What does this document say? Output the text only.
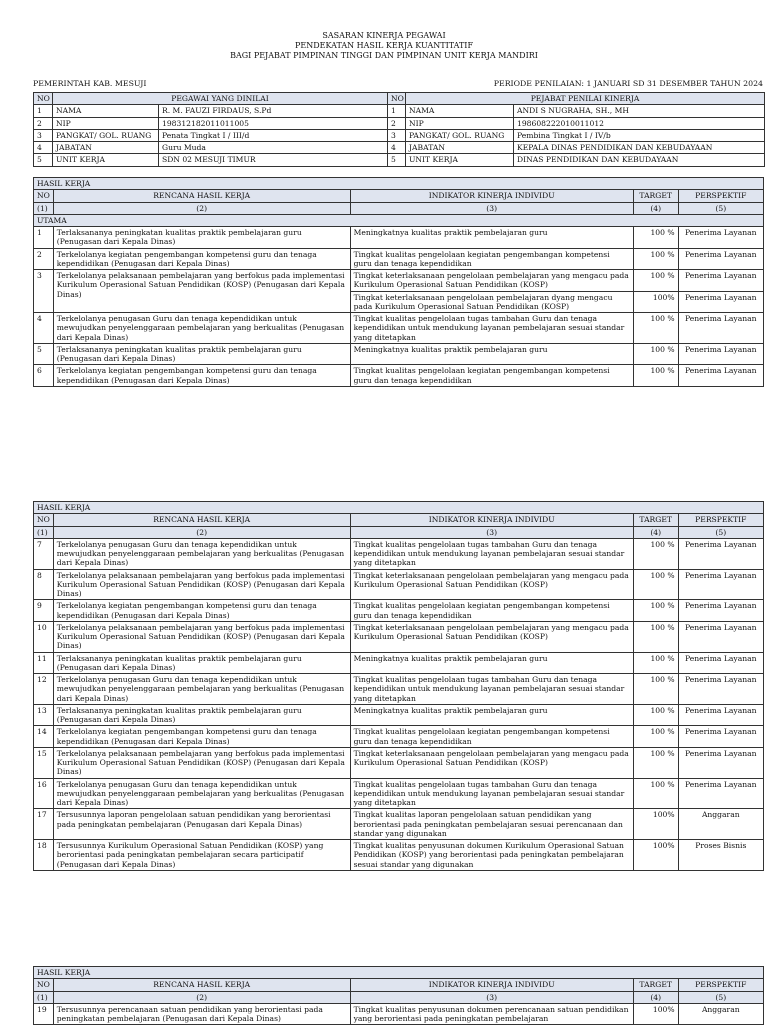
SASARAN KINERJA PEGAWAI
PENDEKATAN HASIL KERJA KUANTITATIF
BAGI PEJABAT PIMPINAN TINGGI DAN PIMPINAN UNIT KERJA MANDIRI
PEMERINTAH KAB. MESUJI	PERIODE PENILAIAN: 1 JANUARI SD 31 DESEMBER TAHUN 2024
NO	PEGAWAI YANG DINILAI		NO	PEJABAT PENILAI KINERJA	
1	NAMA	R. M. FAUZI FIRDAUS, S.Pd	1	NAMA	ANDI S NUGRAHA, SH., MH
2	NIP	198312182011011005	2	NIP	198608222010011012
3	PANGKAT/ GOL. RUANG	Penata Tingkat I / III/d	3	PANGKAT/ GOL. RUANG	Pembina Tingkat I / IV/b
4	JABATAN	Guru Muda	4	JABATAN	KEPALA DINAS PENDIDIKAN DAN KEBUDAYAAN
5	UNIT KERJA	SDN 02 MESUJI TIMUR	5	UNIT KERJA	DINAS PENDIDIKAN DAN KEBUDAYAAN
HASIL KERJA				
NO	RENCANA HASIL KERJA	INDIKATOR KINERJA INDIVIDU	TARGET	PERSPEKTIF
(1)	(2)	(3)	(4)	(5)
UTAMA				
1	Terlaksananya peningkatan kualitas praktik pembelajaran guru (Penugasan dari Kepala Dinas)	Meningkatnya kualitas praktik pembelajaran guru	100 %	Penerima Layanan
2	Terkelolanya kegiatan pengembangan kompetensi guru dan tenaga kependidikan (Penugasan dari Kepala Dinas)	Tingkat kualitas pengelolaan kegiatan pengembangan kompetensi guru dan tenaga kependidikan	100 %	Penerima Layanan
3	Terkelolanya pelaksanaan pembelajaran yang berfokus pada implementasi Kurikulum Operasional Satuan Pendidikan (KOSP) (Penugasan dari Kepala Dinas)	Tingkat keterlaksanaan pengelolaan pembelajaran yang mengacu pada Kurikulum Operasional Satuan Pendidikan (KOSP)	100 %	Penerima Layanan
		Tingkat keterlaksanaan pengelolaan pembelajaran dyang mengacu pada Kurikulum Operasional Satuan Pendidikan (KOSP)	100%	Penerima Layanan
4	Terkelolanya penugasan Guru dan tenaga kependidikan untuk mewujudkan penyelenggaraan pembelajaran yang berkualitas (Penugasan dari Kepala Dinas)	Tingkat kualitas pengelolaan tugas tambahan Guru dan tenaga kependidikan untuk mendukung layanan pembelajaran sesuai standar yang ditetapkan	100 %	Penerima Layanan
5	Terlaksananya peningkatan kualitas praktik pembelajaran guru (Penugasan dari Kepala Dinas)	Meningkatnya kualitas praktik pembelajaran guru	100 %	Penerima Layanan
6	Terkelolanya kegiatan pengembangan kompetensi guru dan tenaga kependidikan (Penugasan dari Kepala Dinas)	Tingkat kualitas pengelolaan kegiatan pengembangan kompetensi guru dan tenaga kependidikan	100 %	Penerima Layanan
HASIL KERJA				
NO	RENCANA HASIL KERJA	INDIKATOR KINERJA INDIVIDU	TARGET	PERSPEKTIF
(1)	(2)	(3)	(4)	(5)
7	Terkelolanya penugasan Guru dan tenaga kependidikan untuk mewujudkan penyelenggaraan pembelajaran yang berkualitas (Penugasan dari Kepala Dinas)	Tingkat kualitas pengelolaan tugas tambahan Guru dan tenaga kependidikan untuk mendukung layanan pembelajaran sesuai standar yang ditetapkan	100 %	Penerima Layanan
8	Terkelolanya pelaksanaan pembelajaran yang berfokus pada implementasi Kurikulum Operasional Satuan Pendidikan (KOSP) (Penugasan dari Kepala Dinas)	Tingkat keterlaksanaan pengelolaan pembelajaran yang mengacu pada Kurikulum Operasional Satuan Pendidikan (KOSP)	100 %	Penerima Layanan
9	Terkelolanya kegiatan pengembangan kompetensi guru dan tenaga kependidikan (Penugasan dari Kepala Dinas)	Tingkat kualitas pengelolaan kegiatan pengembangan kompetensi guru dan tenaga kependidikan	100 %	Penerima Layanan
10	Terkelolanya pelaksanaan pembelajaran yang berfokus pada implementasi Kurikulum Operasional Satuan Pendidikan (KOSP) (Penugasan dari Kepala Dinas)	Tingkat keterlaksanaan pengelolaan pembelajaran yang mengacu pada Kurikulum Operasional Satuan Pendidikan (KOSP)	100 %	Penerima Layanan
11	Terlaksananya peningkatan kualitas praktik pembelajaran guru (Penugasan dari Kepala Dinas)	Meningkatnya kualitas praktik pembelajaran guru	100 %	Penerima Layanan
12	Terkelolanya penugasan Guru dan tenaga kependidikan untuk mewujudkan penyelenggaraan pembelajaran yang berkualitas (Penugasan dari Kepala Dinas)	Tingkat kualitas pengelolaan tugas tambahan Guru dan tenaga kependidikan untuk mendukung layanan pembelajaran sesuai standar yang ditetapkan	100 %	Penerima Layanan
13	Terlaksananya peningkatan kualitas praktik pembelajaran guru (Penugasan dari Kepala Dinas)	Meningkatnya kualitas praktik pembelajaran guru	100 %	Penerima Layanan
14	Terkelolanya kegiatan pengembangan kompetensi guru dan tenaga kependidikan (Penugasan dari Kepala Dinas)	Tingkat kualitas pengelolaan kegiatan pengembangan kompetensi guru dan tenaga kependidikan	100 %	Penerima Layanan
15	Terkelolanya pelaksanaan pembelajaran yang berfokus pada implementasi Kurikulum Operasional Satuan Pendidikan (KOSP) (Penugasan dari Kepala Dinas)	Tingkat keterlaksanaan pengelolaan pembelajaran yang mengacu pada Kurikulum Operasional Satuan Pendidikan (KOSP)	100 %	Penerima Layanan
16	Terkelolanya penugasan Guru dan tenaga kependidikan untuk mewujudkan penyelenggaraan pembelajaran yang berkualitas (Penugasan dari Kepala Dinas)	Tingkat kualitas pengelolaan tugas tambahan Guru dan tenaga kependidikan untuk mendukung layanan pembelajaran sesuai standar yang ditetapkan	100 %	Penerima Layanan
17	Tersusunnya laporan pengelolaan satuan pendidikan yang berorientasi pada peningkatan pembelajaran (Penugasan dari Kepala Dinas)	Tingkat kualitas laporan pengelolaan satuan pendidikan yang berorientasi pada peningkatan pembelajaran sesuai perencanaan dan standar yang digunakan	100%	Anggaran
18	Tersusunnya Kurikulum Operasional Satuan Pendidikan (KOSP) yang berorientasi pada peningkatan pembelajaran secara participatif (Penugasan dari Kepala Dinas)	Tingkat kualitas penyusunan dokumen Kurikulum Operasional Satuan Pendidikan (KOSP) yang berorientasi pada peningkatan pembelajaran sesuai standar yang digunakan	100%	Proses Bisnis
HASIL KERJA				
NO	RENCANA HASIL KERJA	INDIKATOR KINERJA INDIVIDU	TARGET	PERSPEKTIF
(1)	(2)	(3)	(4)	(5)
19	Tersusunnya perencanaan satuan pendidikan yang berorientasi pada peningkatan pembelajaran (Penugasan dari Kepala Dinas)	Tingkat kualitas penyusunan dokumen perencanaan satuan pendidikan yang berorientasi pada peningkatan pembelajaran	100%	Anggaran
